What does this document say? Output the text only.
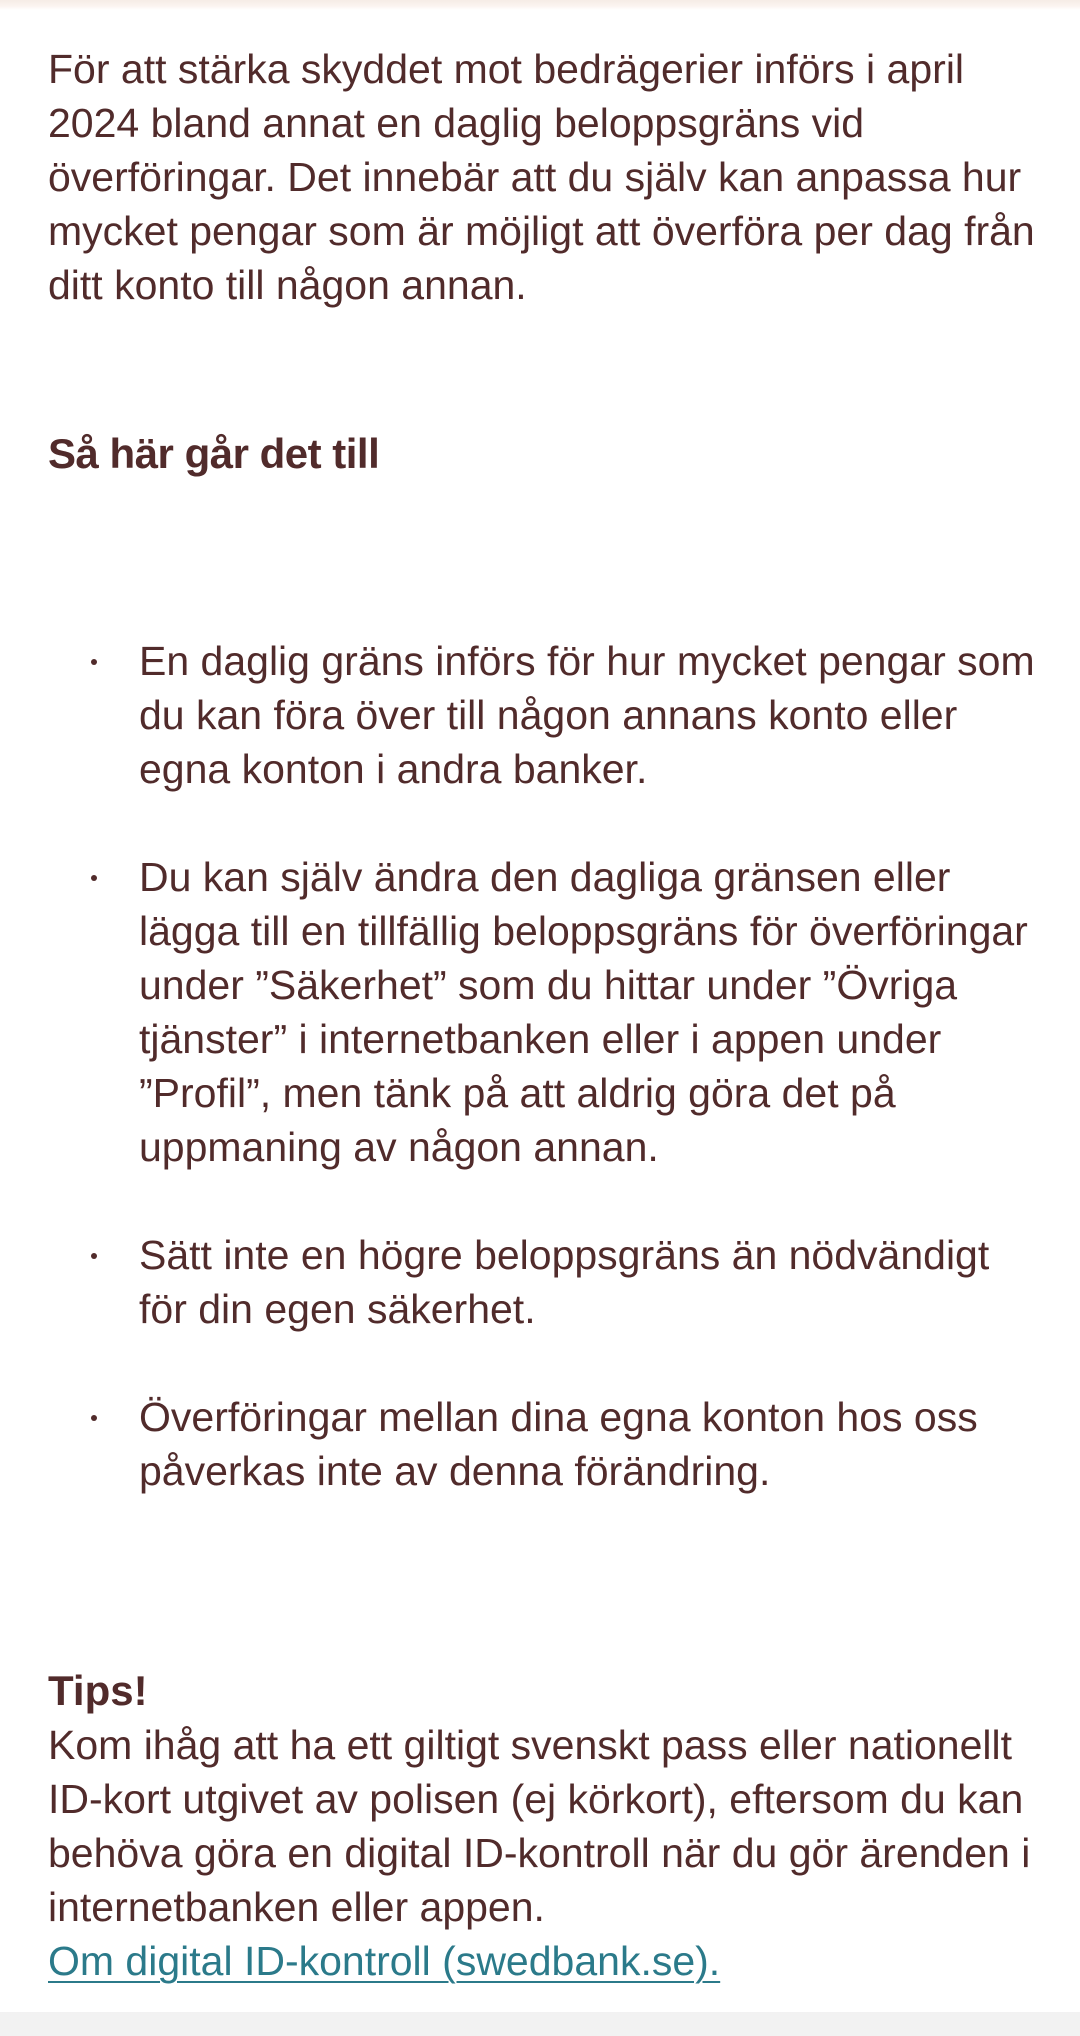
För att stärka skyddet mot bedrägerier införs i april 2024 bland annat en daglig beloppsgräns vid överföringar. Det innebär att du själv kan anpassa hur mycket pengar som är möjligt att överföra per dag från ditt konto till någon annan.

Så här går det till
En daglig gräns införs för hur mycket pengar som du kan föra över till någon annans konto eller egna konton i andra banker.
Du kan själv ändra den dagliga gränsen eller lägga till en tillfällig beloppsgräns för överföringar under ”Säkerhet” som du hittar under ”Övriga tjänster” i internetbanken eller i appen under ”Profil”, men tänk på att aldrig göra det på uppmaning av någon annan.
Sätt inte en högre beloppsgräns än nödvändigt för din egen säkerhet.
Överföringar mellan dina egna konton hos oss påverkas inte av denna förändring.

Tips!

Kom ihåg att ha ett giltigt svenskt pass eller nationellt ID-kort utgivet av polisen (ej körkort), eftersom du kan behöva göra en digital ID-kontroll när du gör ärenden i internetbanken eller appen.

Om digital ID-kontroll (swedbank.se).
